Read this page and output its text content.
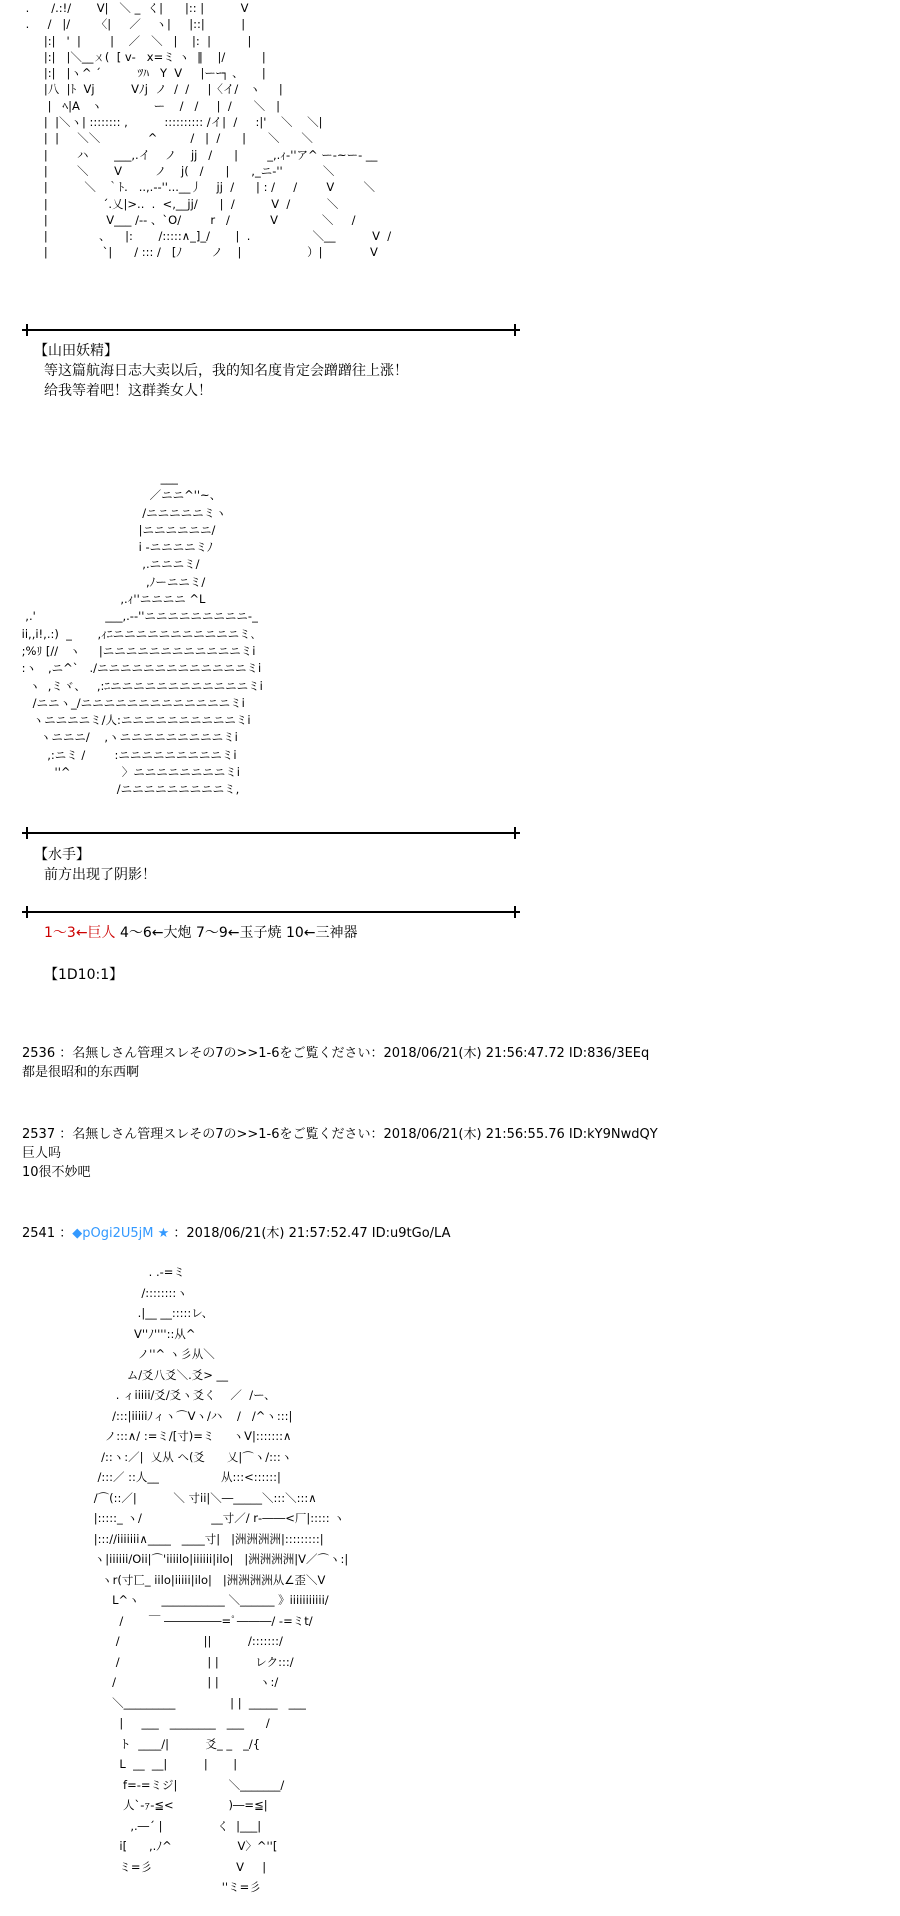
.      /.:!/       V|   ＼ _  く|      |:: |          V
.     /   |/       〈|     ／    ヽ|     |::|          |
|:|   '  |        |    ／   ＼   |    |:  |          |
|:|   |＼__ㄨ(  [ v‐   x=ミ ヽ  ‖    |/          |
|:|   |ヽ^ ´          ﾂﾊ   Y  V     |ーｰ┐ 、     |
|八  |ﾄ  Vj          Vﾉj  ノ  /  /     |〈イ/   ヽ     |
|   ﾍ|A   ヽ              ー    /   /     |  /      ＼   |
|  |＼ヽ| :::::::: ,          :::::::::: /イ|  /     :|'    ＼    ＼|
|  |     ＼＼             ^         /   |  /      |      ＼      ＼
|        ハ       ___,.イ    ノ    jj   /      |        _,.ｨ‐''ア^ ー‐~ー‐ __
|        ＼       V         ノ    j(   /      |      ,_ニ‐''           ＼
|          ＼   ｀ﾄ.   ..,.-‐''...__丿    jj  /      | : /     /        V        ＼
|               ´.乂|>..  .  <,__jj/      |  /          V  /          ＼
|                V___ /‐‐ 、`O/        r   /           V            ＼     /
|              、    |:       /:::::∧_]_/       |  .                 ＼__          V  /
|               `|      / ::: /   [ﾉ        ノ    |                  ）|             V
【山田妖精】
等这篇航海日志大卖以后，我的知名度肯定会蹭蹭往上涨！
给我等着吧！这群粪女人！
___
／ニニ^''~、
/ニニニニニミヽ
|ニニニニニニ/
i -ニニニニミﾉ
,.ニニニミ/
,ﾉーニニミ/
,.ｨ''ニニニニ ^L
,.'                   ___,.-‐''ニニニニニニニニニ‐_
ii,,i!,.:)  _       ,ｨﾆニニニニニニニニニニニミ､
;%ﾘ [//   ヽ     |ニニニニニニニニニニニニミi
:ヽ   ,ニ^`   ./ニニニニニニニニニニニニニミi
ヽ  ,ミヾ、   ,:ﾆニニニニニニニニニニニニミi
/ニニヽ_/ニニニニニニニニニニニニニミi
ヽニニニニミ/人:ニニニニニニニニニニミi
ヽニニニ/    ,ヽニニニニニニニニニミi
,:ニミ /        :ニニニニニニニニニミi
''^              〉ニニニニニニニニミi
/ニニニニニニニニニミ,
【水手】
前方出现了阴影！
1～3←巨人 4～6←大炮 7～9←玉子焼 10←三神器
【1D10:1】
2536 ：名無しさん管理スレその7の>>1-6をご覧ください：2018/06/21(木) 21:56:47.72 ID:836/3EEq
都是很昭和的东西啊
2537 ：名無しさん管理スレその7の>>1-6をご覧ください：2018/06/21(木) 21:56:55.76 ID:kY9NwdQY
巨人吗
10很不妙吧
2541 ：◆pOgi2U5jM ★ ：2018/06/21(木) 21:57:52.47 ID:u9tGo/LA
. .‐=ミ
/::::::::ヽ
.|__ __:::::レ、
V''ﾉ''''::从^
ノ''^ ヽ彡从＼
ム/爻八爻＼.爻> __
. ィiiiii/爻/爻ヽ爻く    ／  /ー、
/:::|iiiiiﾉィヽ⌒Vヽ/ハ    /   /^ヽ:::|
ノ:::∧/ :=ミ/[寸)=ミ     ヽV|:::::::∧
/::ヽ:／|  乂从 ヘ(爻      乂|⌒ヽ/:::ヽ
/:::／ ::人__                 从:::<::::::|
/⌒(::／|          ＼ 寸ii|＼―_____＼:::＼:::∧
|:::::_ ヽ/                   __寸／/ r‐――<厂|::::: ヽ
|::://iiiiiii∧____   ____寸|   |洲洲洲洲|:::::::::|
ヽ|iiiiii/Oii|⌒'iiiilo|iiiiii|ilo|   |洲洲洲洲|V／⌒ヽ:|
ヽr(寸匸_ iilo|iiiii|ilo|   |洲洲洲洲从∠歪＼V
L^ヽ      ___________ ＼______ 》iiiiiiiiiii/
/       ￣ ―――――=ﾟ―――/ ‐=ミt/
/                       ||          /:::::::/
/                        | |          レク:::/
/                         | |           ヽ:/
＼_________               | |  _____   ___
|     ___   ________   ___      /
ト  ____/|          爻_ _   _/{
L  __  __|          |       |
f=‐=ミジ|              ＼_______/
人`‐ｧ‐≦<               )―=≦|
,.―´ |               く  |___|
i[      ,.ﾉ^                  V〉^''[
ミ=彡                       V     |
''ミ=彡
